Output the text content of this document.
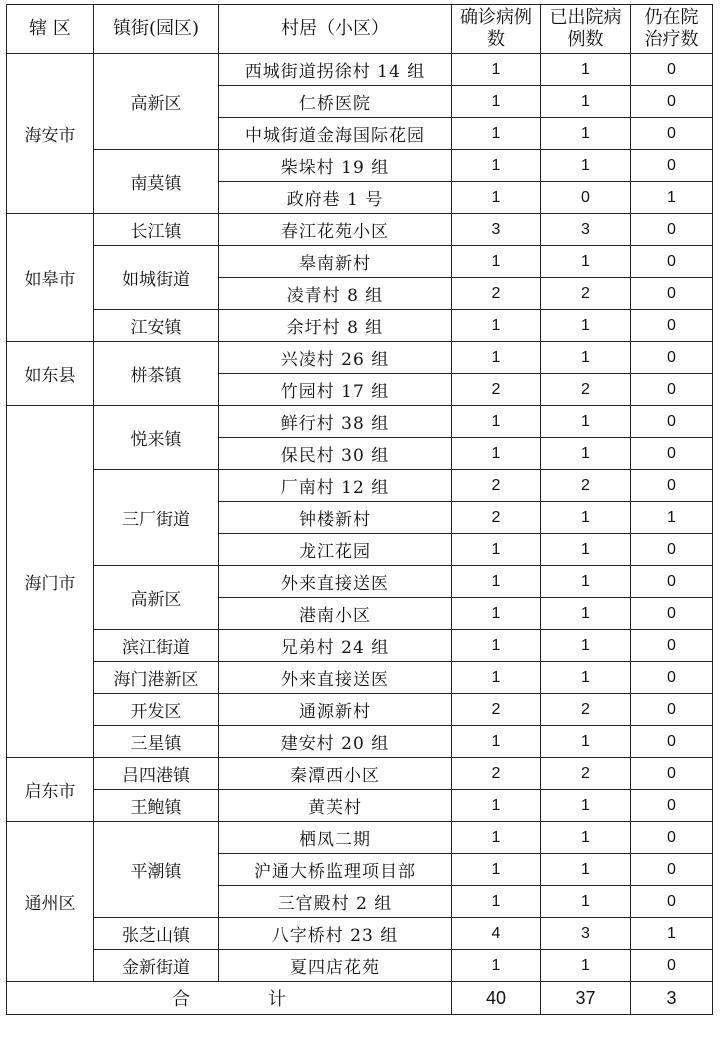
辖 区	镇街(园区)	村居（小区）	确诊病例数	已出院病例数	仍在院治疗数
海安市	高新区	西城街道拐徐村 14 组	1	1	0
		仁桥医院	1	1	0
		中城街道金海国际花园	1	1	0
	南莫镇	柴垛村 19 组	1	1	0
		政府巷 1 号	1	0	1
如皋市	长江镇	春江花苑小区	3	3	0
	如城街道	皋南新村	1	1	0
		凌青村 8 组	2	2	0
	江安镇	余圩村 8 组	1	1	0
如东县	栟茶镇	兴凌村 26 组	1	1	0
		竹园村 17 组	2	2	0
海门市	悦来镇	鲜行村 38 组	1	1	0
		保民村 30 组	1	1	0
	三厂街道	厂南村 12 组	2	2	0
		钟楼新村	2	1	1
		龙江花园	1	1	0
	高新区	外来直接送医	1	1	0
		港南小区	1	1	0
	滨江街道	兄弟村 24 组	1	1	0
	海门港新区	外来直接送医	1	1	0
	开发区	通源新村	2	2	0
	三星镇	建安村 20 组	1	1	0
启东市	吕四港镇	秦潭西小区	2	2	0
	王鲍镇	黄芙村	1	1	0
通州区	平潮镇	栖凤二期	1	1	0
		沪通大桥监理项目部	1	1	0
		三官殿村 2 组	1	1	0
	张芝山镇	八字桥村 23 组	4	3	1
	金新街道	夏四店花苑	1	1	0
合计			40	37	3
